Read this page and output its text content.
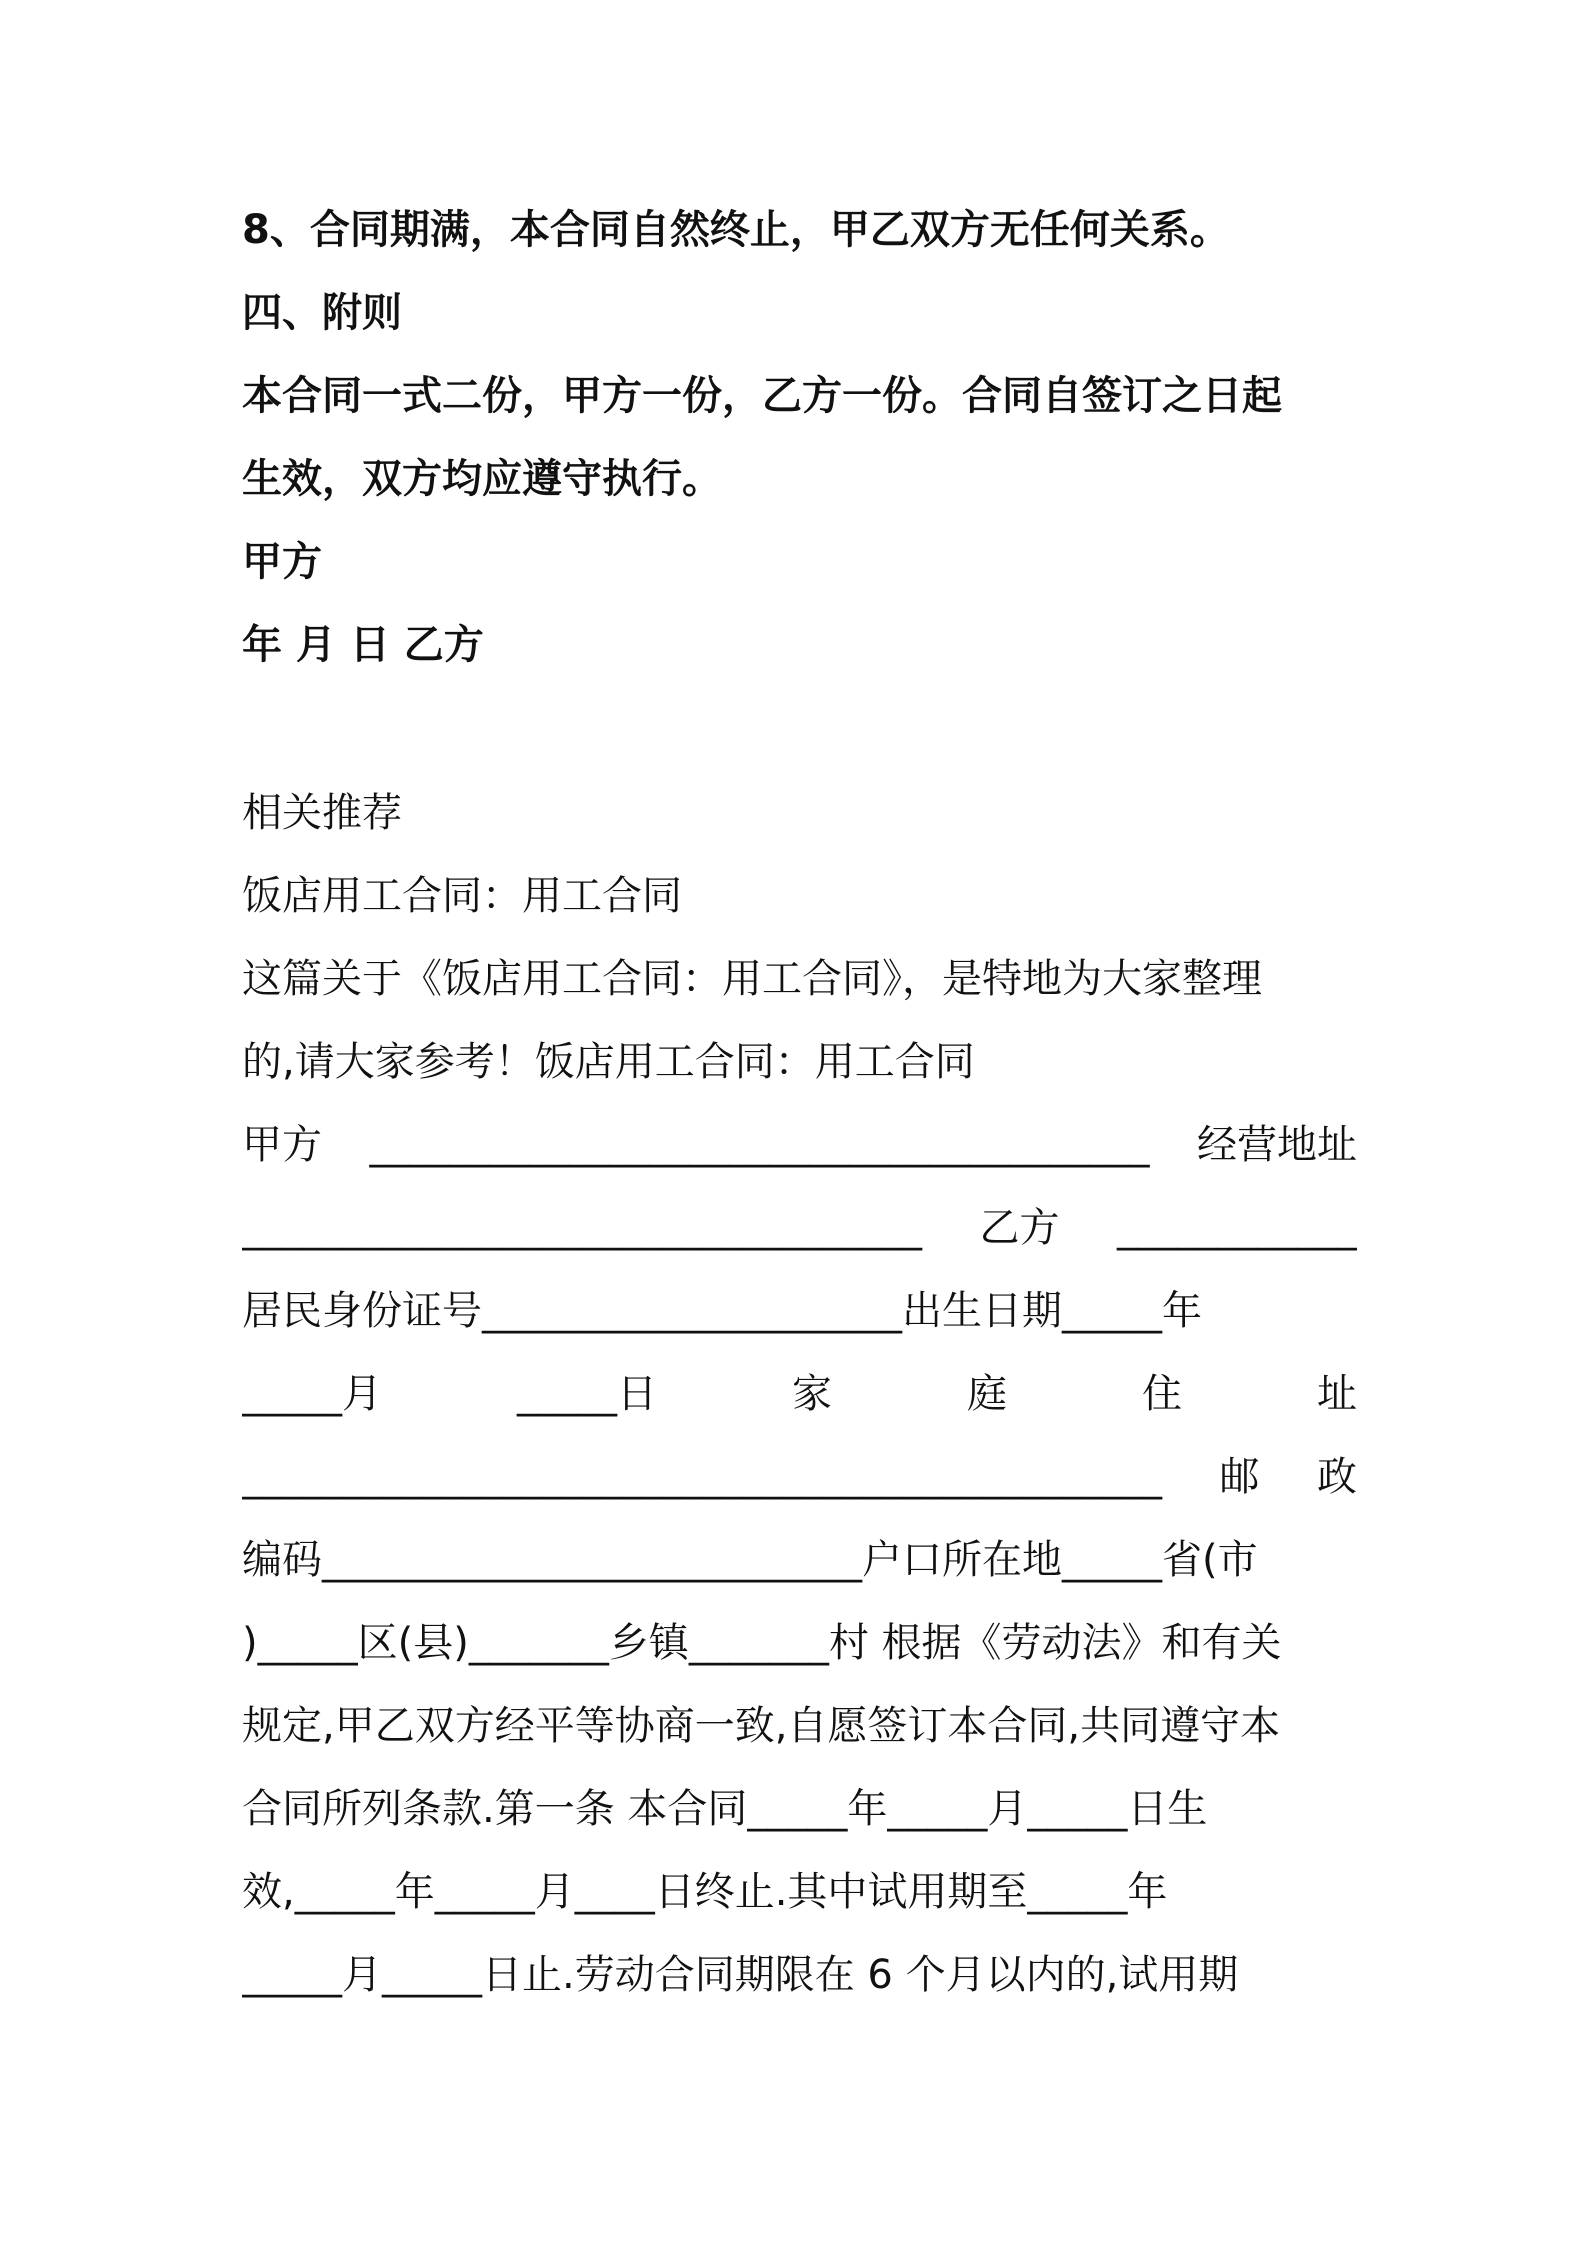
8、合同期满，本合同自然终止，甲乙双方无任何关系。
四、附则
本合同一式二份，甲方一份，乙方一份。合同自签订之日起
生效，双方均应遵守执行。
甲方
年 月 日 乙方
相关推荐
饭店用工合同：用工合同
这篇关于《饭店用工合同：用工合同》，是特地为大家整理
的,请大家参考！饭店用工合同：用工合同
甲方 _______________________________________ 经营地址
__________________________________ 乙方 ____________
居民身份证号_____________________出生日期_____年
_____月	_____日	家	庭	住	址
______________________________________________ 邮 政
编码___________________________户口所在地_____省(市
)_____区(县)_______乡镇_______村 根据《劳动法》和有关
规定,甲乙双方经平等协商一致,自愿签订本合同,共同遵守本
合同所列条款.第一条 本合同_____年_____月_____日生
效,_____年_____月____日终止.其中试用期至_____年
_____月_____日止.劳动合同期限在 6 个月以内的,试用期
